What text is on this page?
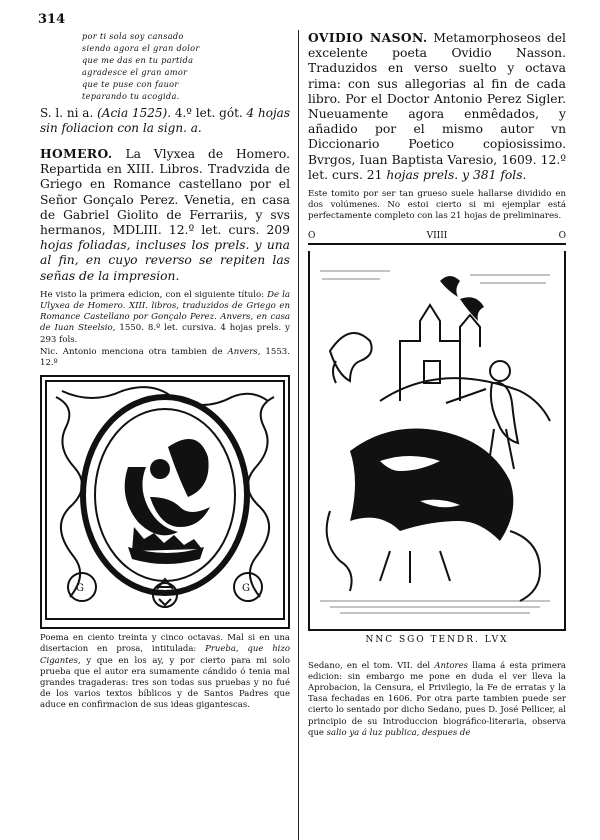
314
por ti sola soy cansado
siendo agora el gran dolor
que me das en tu partida
agradesce el gran amor
que te puse con fauor
teparando tu acogida.

S. l. ni a. (Acia 1525). 4.º let. gót. 4 hojas sin foliacion con la sign. a.

HOMERO. La Vlyxea de Homero. Repartida en XIII. Libros. Tradvzida de Griego en Romance castellano por el Señor Gonçalo Perez. Venetia, en casa de Gabriel Giolito de Ferrariis, y svs hermanos, MDLIII. 12.º let. curs. 209 hojas foliadas, incluses los prels. y una al fin, en cuyo reverso se repiten las señas de la impresion.

He visto la primera edicion, con el siguiente título: De la Ulyxea de Homero. XIII. libros, traduzidos de Griego en Romance Castellano por Gonçalo Perez. Anvers, en casa de Iuan Steelsio, 1550. 8.º let. cursiva. 4 hojas prels. y 293 fols.

Nic. Antonio menciona otra tambien de Anvers, 1553. 12.º

G	G

Poema en ciento treinta y cinco octavas. Mal si en una disertacion en prosa, intitulada: Prueba, que hizo Cigantes, y que en los ay, y por cierto para mi solo prueba que el autor era sumamente cándido ó tenia mal grandes tragaderas: tres son todas sus pruebas y no fué de los varios textos bíblicos y de Santos Padres que aduce en confirmacion de sus ideas gigantescas.

OVIDIO NASON. Metamorphoseos del excelente poeta Ovidio Nasson. Traduzidos en verso suelto y octava rima: con sus allegorias al fin de cada libro. Por el Doctor Antonio Perez Sigler. Nueuamente agora enmêdados, y añadido por el mismo autor vn Diccionario Poetico copiosissimo. Bvrgos, Iuan Baptista Varesio, 1609. 12.º let. curs. 21 hojas prels. y 381 fols.

Este tomito por ser tan grueso suele hallarse dividido en dos volúmenes. No estoi cierto si mi ejemplar está perfectamente completo con las 21 hojas de preliminares.

O	VIIII	O
NNC SGO TENDR. LVX

Sedano, en el tom. VII. del Antores llama á esta primera edicion: sin embargo me pone en duda el ver lleva la Aprobacion, la Censura, el Privilegio, la Fe de erratas y la Tasa fechadas en 1606. Por otra parte tambien puede ser cierto lo sentado por dicho Sedano, pues D. José Pellicer, al principio de su Introduccion biográfico-literaria, observa que salio ya á luz publica, despues de
